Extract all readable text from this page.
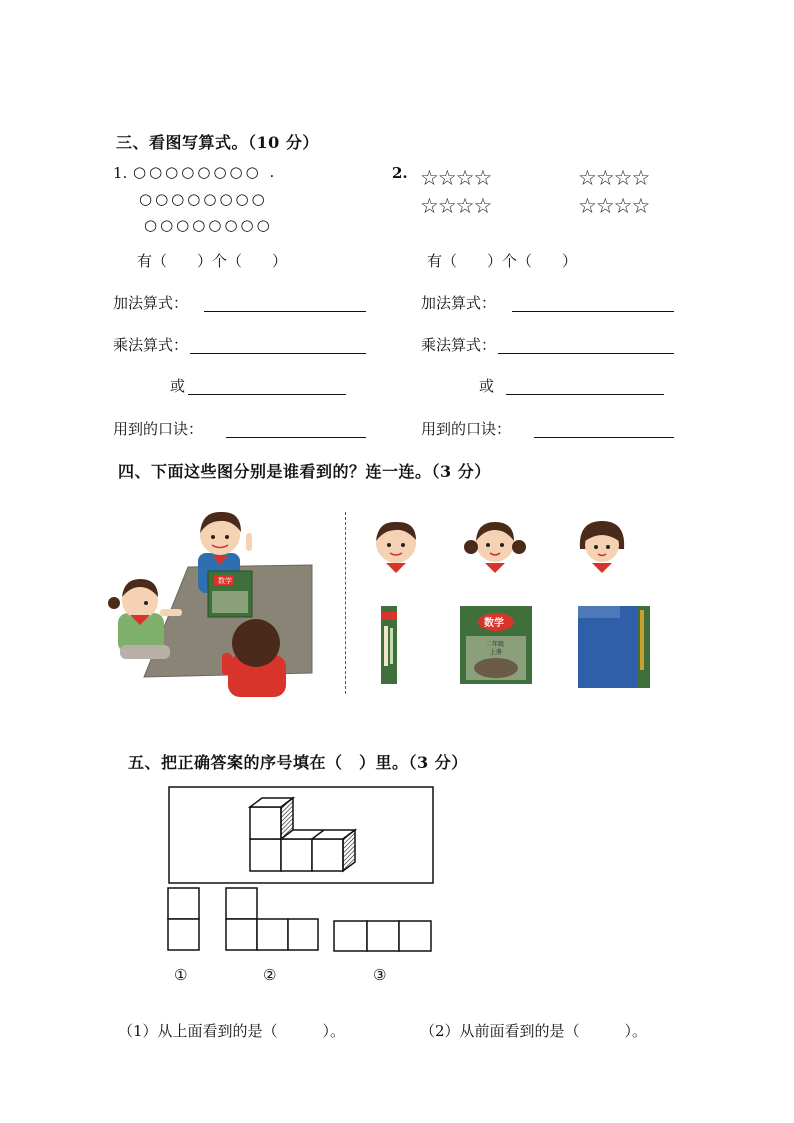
三、看图写算式。（10 分）
1. ○○○○○○○○ .
○○○○○○○○
○○○○○○○○
2. ☆☆☆☆
☆☆☆☆
☆☆☆☆
☆☆☆☆
有（　　）个（　　）	有（　　）个（　　）
加法算式：	加法算式：
乘法算式：	乘法算式：
或	或
用到的口诀：	用到的口诀：
四、下面这些图分别是谁看到的？连一连。（3 分）
数学
数学
二年级
上册
五、把正确答案的序号填在（　）里。（3 分）
①	②	③
（1）从上面看到的是（　　　）。	（2）从前面看到的是（　　　）。
